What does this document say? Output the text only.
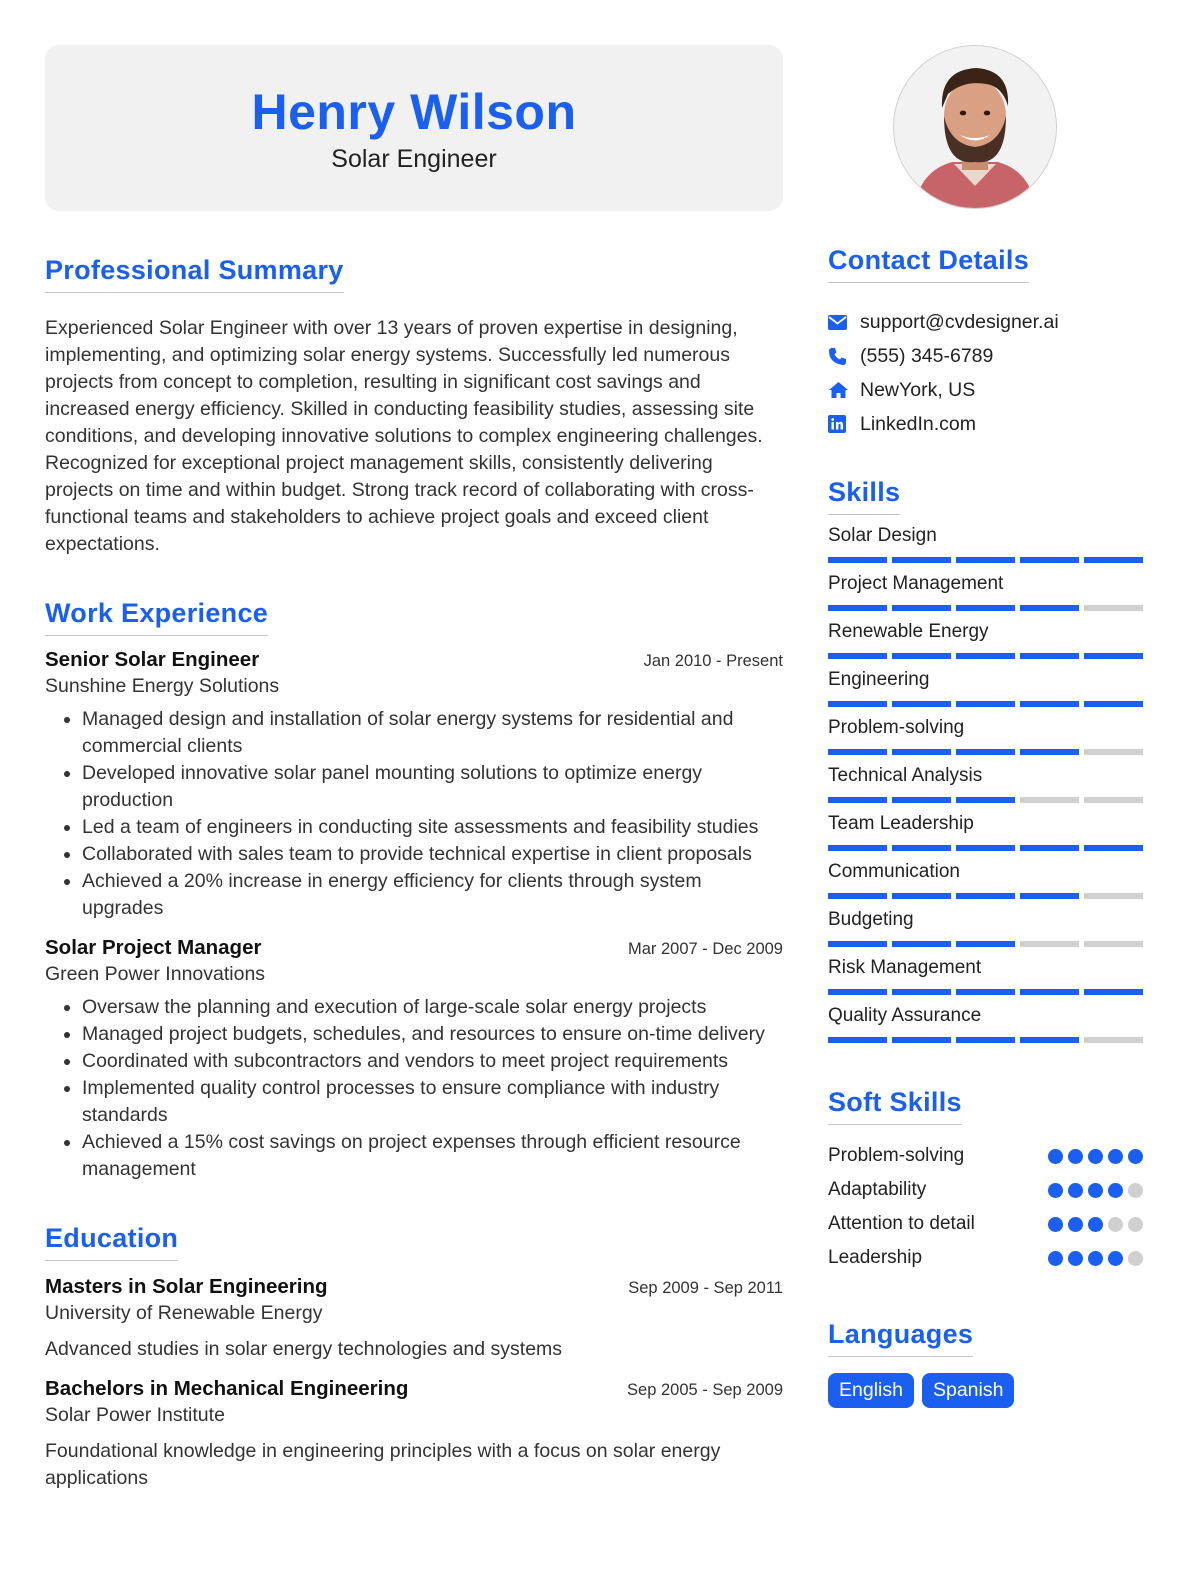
Henry Wilson
Solar Engineer
Professional Summary
Experienced Solar Engineer with over 13 years of proven expertise in designing, implementing, and optimizing solar energy systems. Successfully led numerous projects from concept to completion, resulting in significant cost savings and increased energy efficiency. Skilled in conducting feasibility studies, assessing site conditions, and developing innovative solutions to complex engineering challenges. Recognized for exceptional project management skills, consistently delivering projects on time and within budget. Strong track record of collaborating with cross-functional teams and stakeholders to achieve project goals and exceed client expectations.
Work Experience
Senior Solar Engineer	Jan 2010 - Present
Sunshine Energy Solutions
• Managed design and installation of solar energy systems for residential and commercial clients
• Developed innovative solar panel mounting solutions to optimize energy production
• Led a team of engineers in conducting site assessments and feasibility studies
• Collaborated with sales team to provide technical expertise in client proposals
• Achieved a 20% increase in energy efficiency for clients through system upgrades
Solar Project Manager	Mar 2007 - Dec 2009
Green Power Innovations
• Oversaw the planning and execution of large-scale solar energy projects
• Managed project budgets, schedules, and resources to ensure on-time delivery
• Coordinated with subcontractors and vendors to meet project requirements
• Implemented quality control processes to ensure compliance with industry standards
• Achieved a 15% cost savings on project expenses through efficient resource management
Education
Masters in Solar Engineering	Sep 2009 - Sep 2011
University of Renewable Energy
Advanced studies in solar energy technologies and systems
Bachelors in Mechanical Engineering	Sep 2005 - Sep 2009
Solar Power Institute
Foundational knowledge in engineering principles with a focus on solar energy applications
Contact Details
support@cvdesigner.ai
(555) 345-6789
NewYork, US
LinkedIn.com
Skills
Solar Design
Project Management
Renewable Energy
Engineering
Problem-solving
Technical Analysis
Team Leadership
Communication
Budgeting
Risk Management
Quality Assurance
Soft Skills
Problem-solving
Adaptability
Attention to detail
Leadership
Languages
English	Spanish
